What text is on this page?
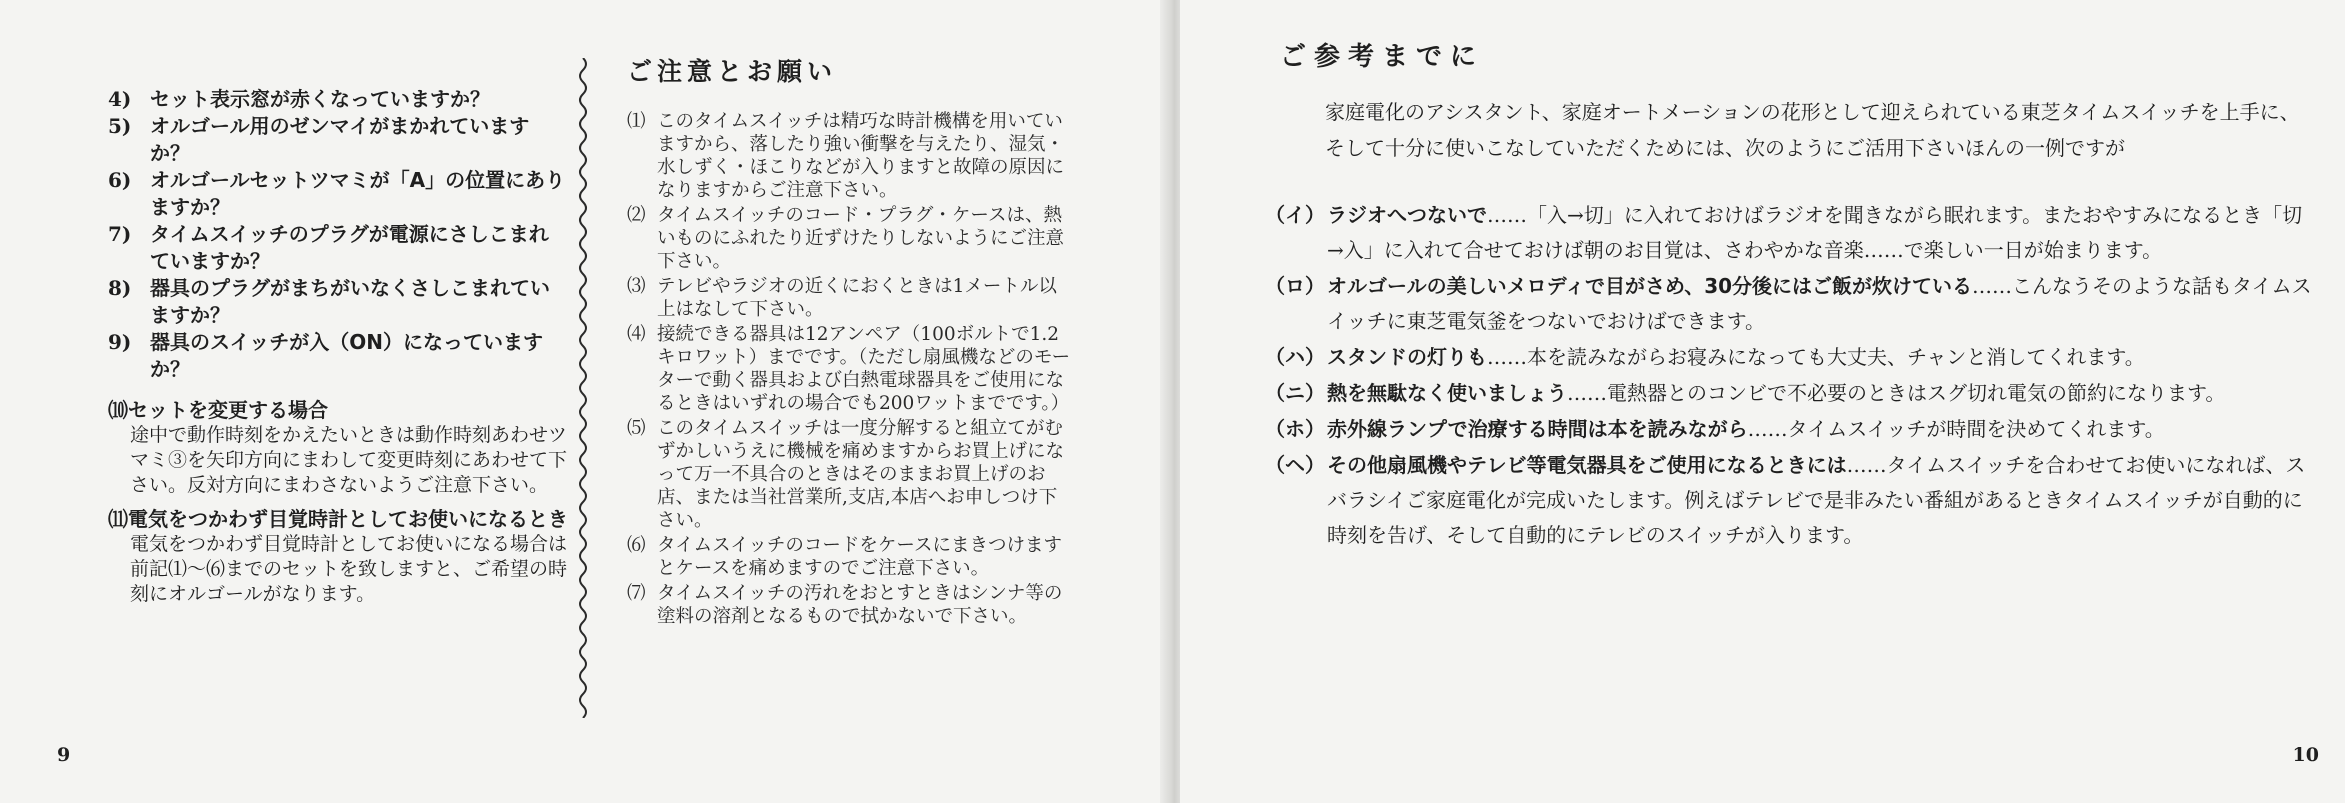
4) セット表示窓が赤くなっていますか？
5) オルゴール用のゼンマイがまかれていますか？
6) オルゴールセットツマミが「A」の位置にありますか？
7) タイムスイッチのプラグが電源にさしこまれていますか？
8) 器具のプラグがまちがいなくさしこまれていますか？
9) 器具のスイッチが入（ON）になっていますか？
⑽セットを変更する場合
途中で動作時刻をかえたいときは動作時刻あわせツマミ③を矢印方向にまわして変更時刻にあわせて下さい。反対方向にまわさないようご注意下さい。
⑾電気をつかわず目覚時計としてお使いになるとき
電気をつかわず目覚時計としてお使いになる場合は前記⑴～⑹までのセットを致しますと、ご希望の時刻にオルゴールがなります。
ご注意とお願い
⑴ このタイムスイッチは精巧な時計機構を用いていますから、落したり強い衝撃を与えたり、湿気・水しずく・ほこりなどが入りますと故障の原因になりますからご注意下さい。
⑵ タイムスイッチのコード・プラグ・ケースは、熱いものにふれたり近ずけたりしないようにご注意下さい。
⑶ テレビやラジオの近くにおくときは1メートル以上はなして下さい。
⑷ 接続できる器具は12アンペア（100ボルトで1.2キロワット）までです。（ただし扇風機などのモーターで動く器具および白熱電球器具をご使用になるときはいずれの場合でも200ワットまでです。）
⑸ このタイムスイッチは一度分解すると組立てがむずかしいうえに機械を痛めますからお買上げになって万一不具合のときはそのままお買上げのお店、または当社営業所,支店,本店へお申しつけ下さい。
⑹ タイムスイッチのコードをケースにまきつけますとケースを痛めますのでご注意下さい。
⑺ タイムスイッチの汚れをおとすときはシンナ等の塗料の溶剤となるもので拭かないで下さい。
9
ご参考までに
家庭電化のアシスタント、家庭オートメーションの花形として迎えられている東芝タイムスイッチを上手に、そして十分に使いこなしていただくためには、次のようにご活用下さいほんの一例ですが
（イ） ラジオへつないで……「入→切」に入れておけばラジオを聞きながら眠れます。またおやすみになるとき「切→入」に入れて合せておけば朝のお目覚は、さわやかな音楽……で楽しい一日が始まります。
（ロ） オルゴールの美しいメロディで目がさめ、30分後にはご飯が炊けている……こんなうそのような話もタイムスイッチに東芝電気釜をつないでおけばできます。
（ハ） スタンドの灯りも……本を読みながらお寝みになっても大丈夫、チャンと消してくれます。
（ニ） 熱を無駄なく使いましょう……電熱器とのコンビで不必要のときはスグ切れ電気の節約になります。
（ホ） 赤外線ランプで治療する時間は本を読みながら……タイムスイッチが時間を決めてくれます。
（ヘ） その他扇風機やテレビ等電気器具をご使用になるときには……タイムスイッチを合わせてお使いになれば、スバラシイご家庭電化が完成いたします。例えばテレビで是非みたい番組があるときタイムスイッチが自動的に時刻を告げ、そして自動的にテレビのスイッチが入ります。
10
